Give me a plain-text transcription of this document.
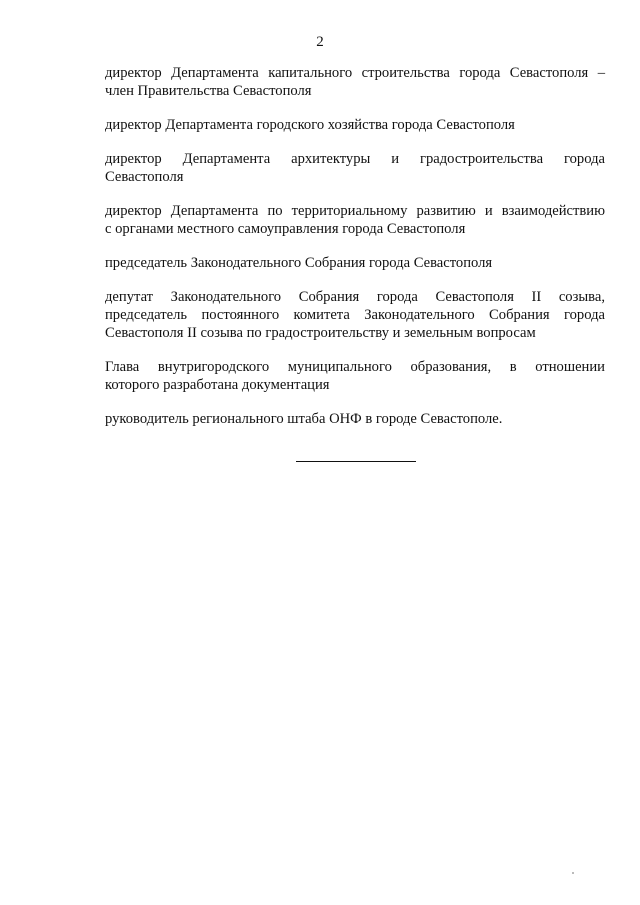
2

директор Департамента капитального строительства города Севастополя –
член Правительства Севастополя

директор Департамента городского хозяйства города Севастополя

директор Департамента архитектуры и градостроительства города
Севастополя

директор Департамента по территориальному развитию и взаимодействию
с органами местного самоуправления города Севастополя

председатель Законодательного Собрания города Севастополя

депутат Законодательного Собрания города Севастополя II созыва,
председатель постоянного комитета Законодательного Собрания города
Севастополя II созыва по градостроительству и земельным вопросам

Глава внутригородского муниципального образования, в отношении
которого разработана документация

руководитель регионального штаба ОНФ в городе Севастополе.
